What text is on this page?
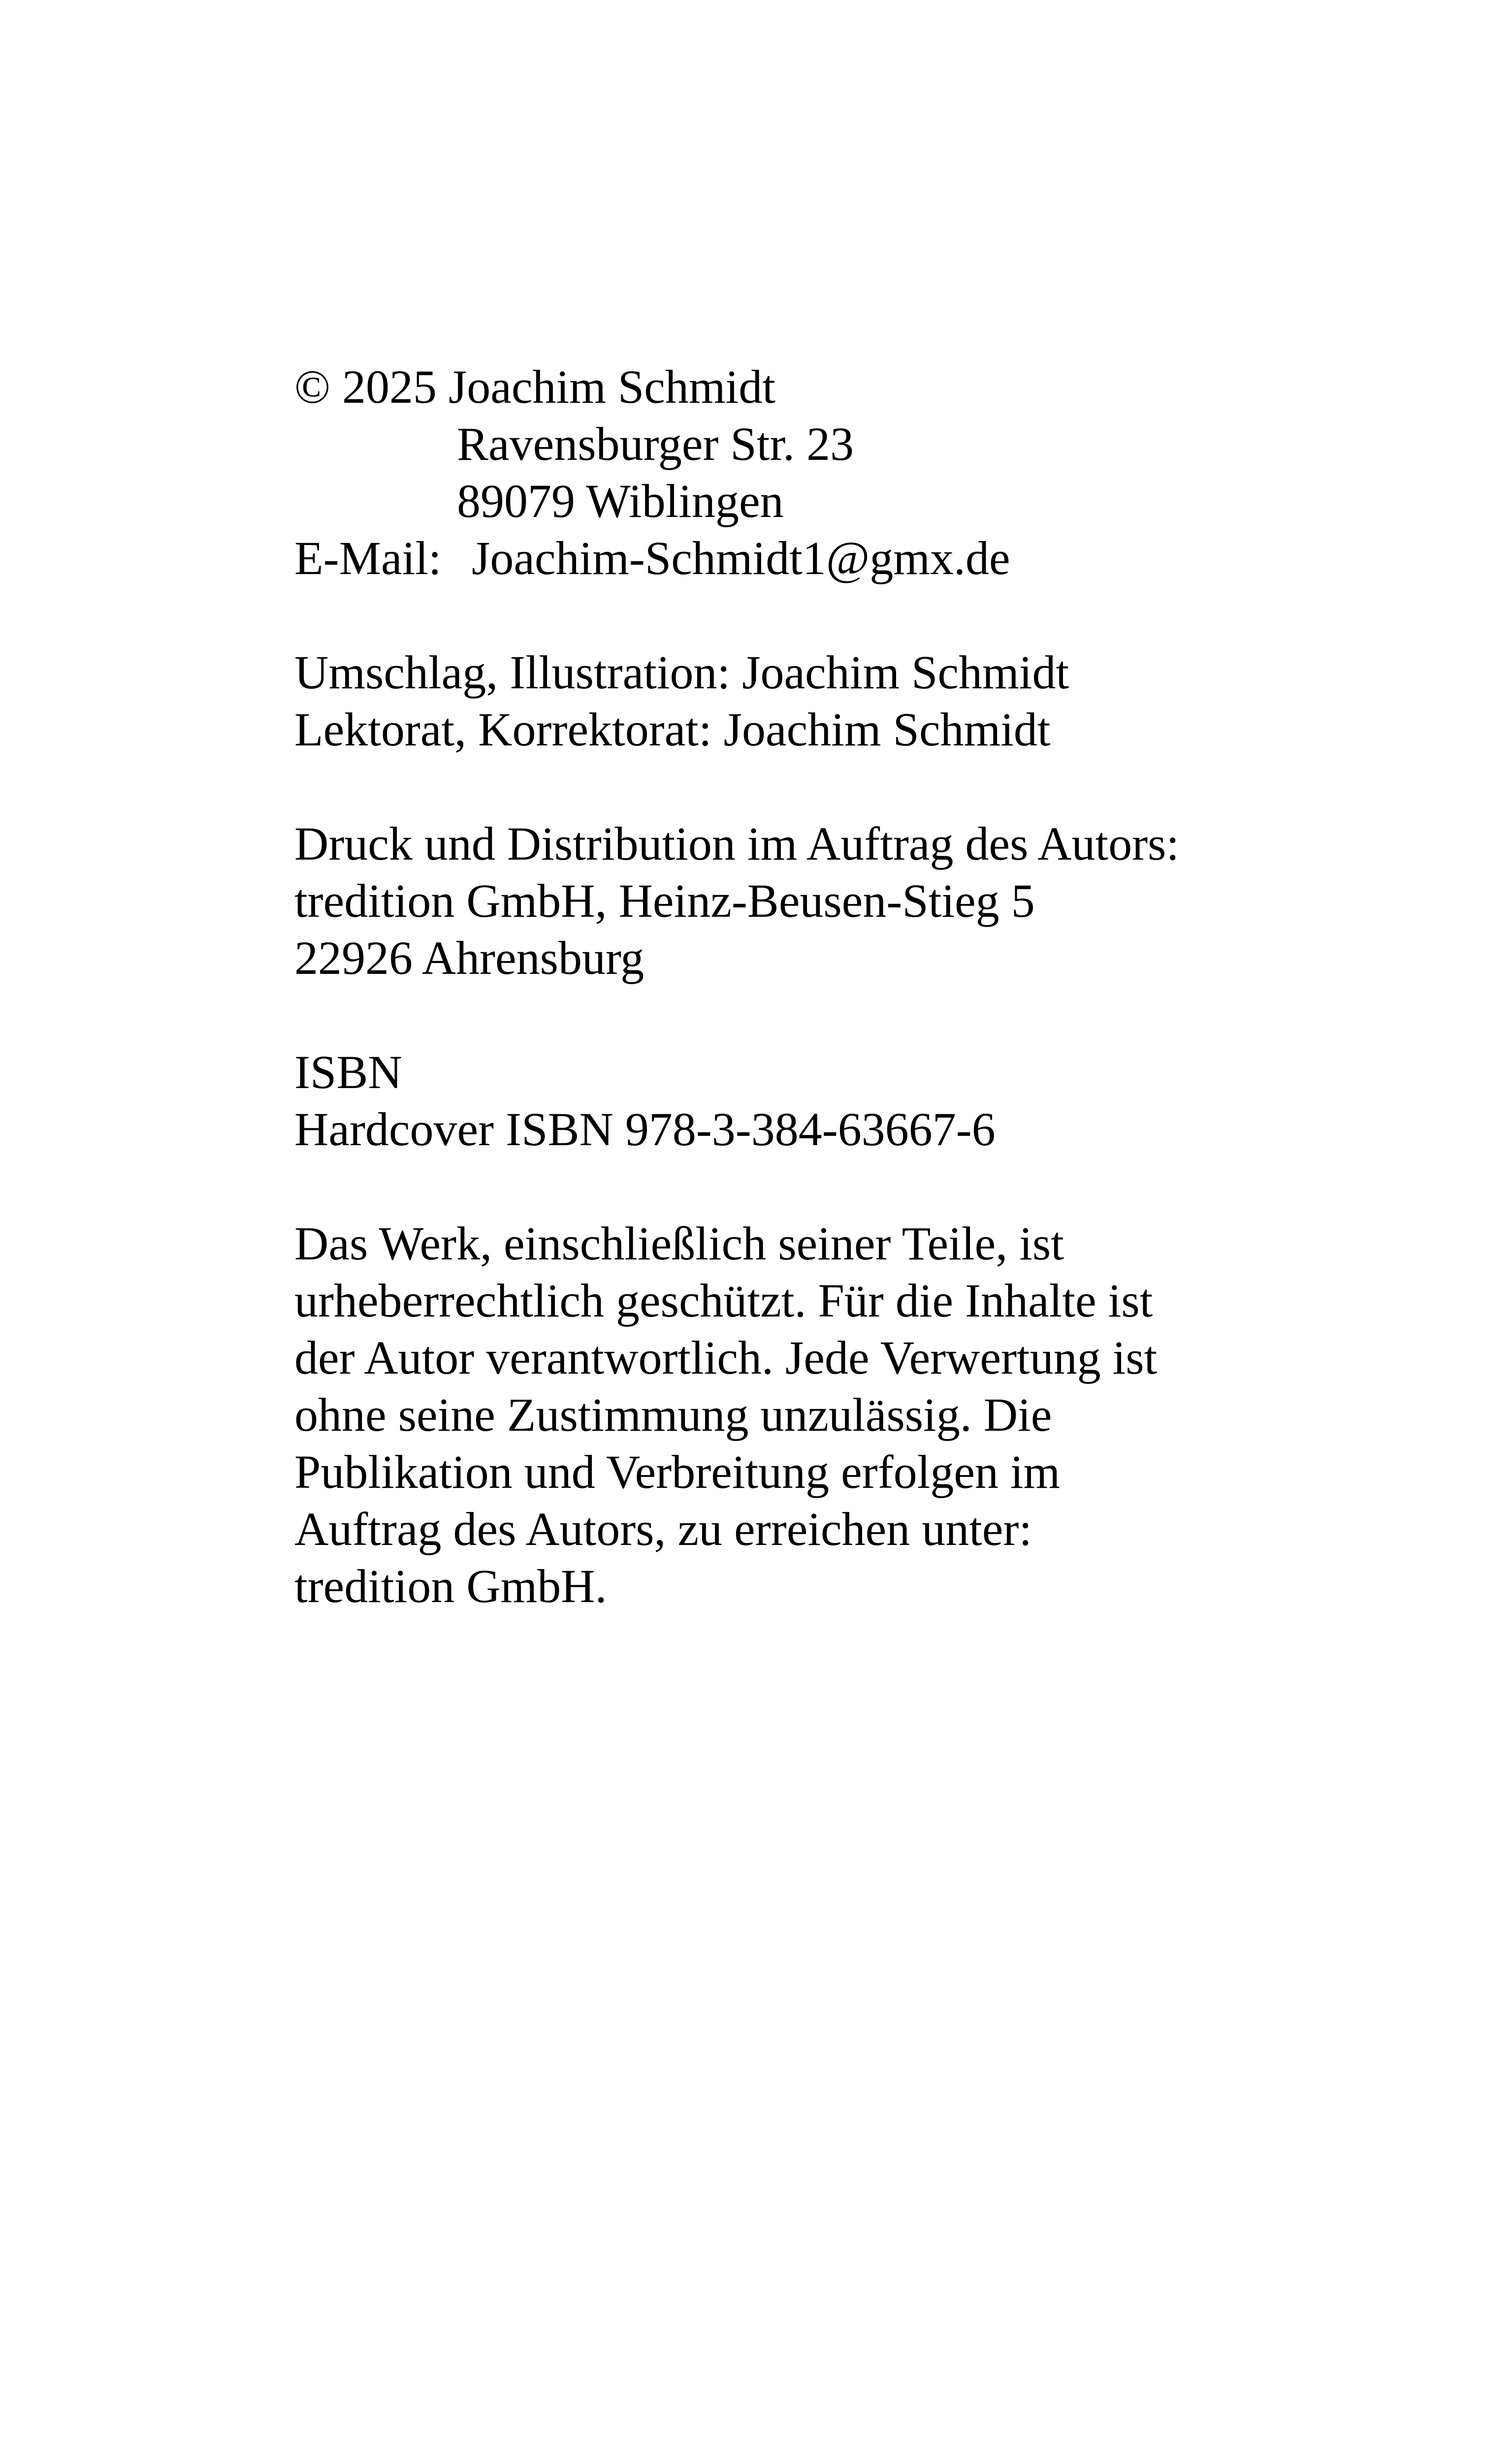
© 2025 Joachim Schmidt
Ravensburger Str. 23
89079 Wiblingen
E-Mail: Joachim-Schmidt1@gmx.de
Umschlag, Illustration: Joachim Schmidt
Lektorat, Korrektorat: Joachim Schmidt
Druck und Distribution im Auftrag des Autors:
tredition GmbH, Heinz-Beusen-Stieg 5
22926 Ahrensburg
ISBN
Hardcover ISBN 978-3-384-63667-6
Das Werk, einschließlich seiner Teile, ist
urheberrechtlich geschützt. Für die Inhalte ist
der Autor verantwortlich. Jede Verwertung ist
ohne seine Zustimmung unzulässig. Die
Publikation und Verbreitung erfolgen im
Auftrag des Autors, zu erreichen unter:
tredition GmbH.
